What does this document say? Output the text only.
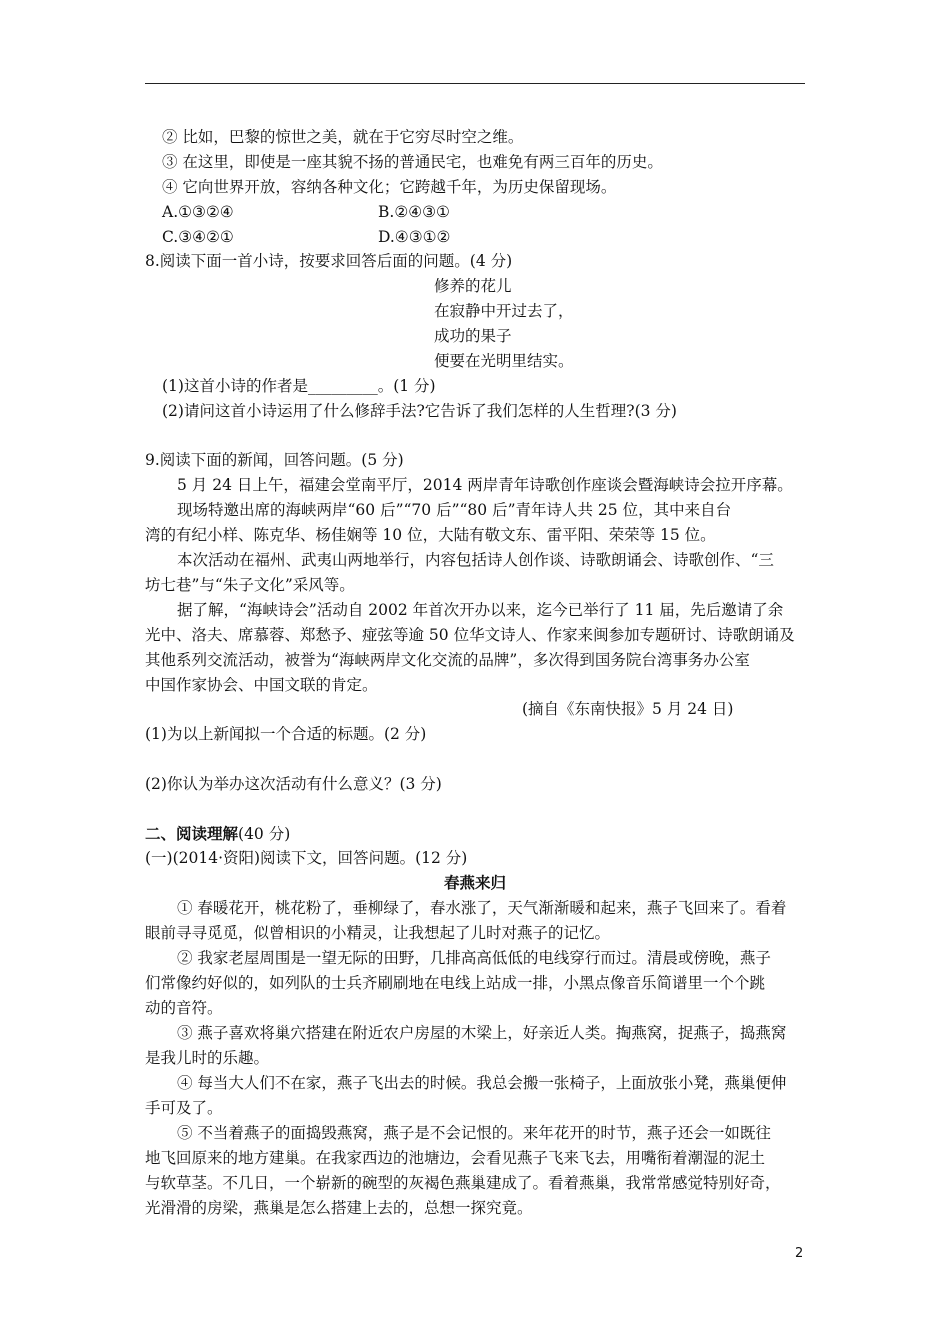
② 比如，巴黎的惊世之美，就在于它穷尽时空之维。
③ 在这里，即使是一座其貌不扬的普通民宅，也难免有两三百年的历史。
④ 它向世界开放，容纳各种文化；它跨越千年，为历史保留现场。
A.①③②④	B.②④③①
C.③④②①	D.④③①②
8.阅读下面一首小诗，按要求回答后面的问题。(4 分)
修养的花儿
在寂静中开过去了，
成功的果子
便要在光明里结实。
(1)这首小诗的作者是_________。(1 分)
(2)请问这首小诗运用了什么修辞手法?它告诉了我们怎样的人生哲理?(3 分)
9.阅读下面的新闻，回答问题。(5 分)
5 月 24 日上午，福建会堂南平厅，2014 两岸青年诗歌创作座谈会暨海峡诗会拉开序幕。
现场特邀出席的海峡两岸“60 后”“70 后”“80 后”青年诗人共 25 位，其中来自台
湾的有纪小样、陈克华、杨佳娴等 10 位，大陆有敬文东、雷平阳、荣荣等 15 位。
本次活动在福州、武夷山两地举行，内容包括诗人创作谈、诗歌朗诵会、诗歌创作、“三
坊七巷”与“朱子文化”采风等。
据了解，“海峡诗会”活动自 2002 年首次开办以来，迄今已举行了 11 届，先后邀请了余
光中、洛夫、席慕蓉、郑愁予、痖弦等逾 50 位华文诗人、作家来闽参加专题研讨、诗歌朗诵及
其他系列交流活动，被誉为“海峡两岸文化交流的品牌”，多次得到国务院台湾事务办公室
中国作家协会、中国文联的肯定。
(摘自《东南快报》5 月 24 日)
(1)为以上新闻拟一个合适的标题。(2 分)
(2)你认为举办这次活动有什么意义？(3 分)
二、阅读理解(40 分)
(一)(2014·资阳)阅读下文，回答问题。(12 分)
春燕来归
① 春暖花开，桃花粉了，垂柳绿了，春水涨了，天气渐渐暖和起来，燕子飞回来了。看着
眼前寻寻觅觅，似曾相识的小精灵，让我想起了儿时对燕子的记忆。
② 我家老屋周围是一望无际的田野，几排高高低低的电线穿行而过。清晨或傍晚，燕子
们常像约好似的，如列队的士兵齐刷刷地在电线上站成一排，小黑点像音乐简谱里一个个跳
动的音符。
③ 燕子喜欢将巢穴搭建在附近农户房屋的木梁上，好亲近人类。掏燕窝，捉燕子，捣燕窝
是我儿时的乐趣。
④ 每当大人们不在家，燕子飞出去的时候。我总会搬一张椅子，上面放张小凳，燕巢便伸
手可及了。
⑤ 不当着燕子的面捣毁燕窝，燕子是不会记恨的。来年花开的时节，燕子还会一如既往
地飞回原来的地方建巢。在我家西边的池塘边，会看见燕子飞来飞去，用嘴衔着潮湿的泥土
与软草茎。不几日，一个崭新的碗型的灰褐色燕巢建成了。看着燕巢，我常常感觉特别好奇，
光滑滑的房梁，燕巢是怎么搭建上去的，总想一探究竟。
2
